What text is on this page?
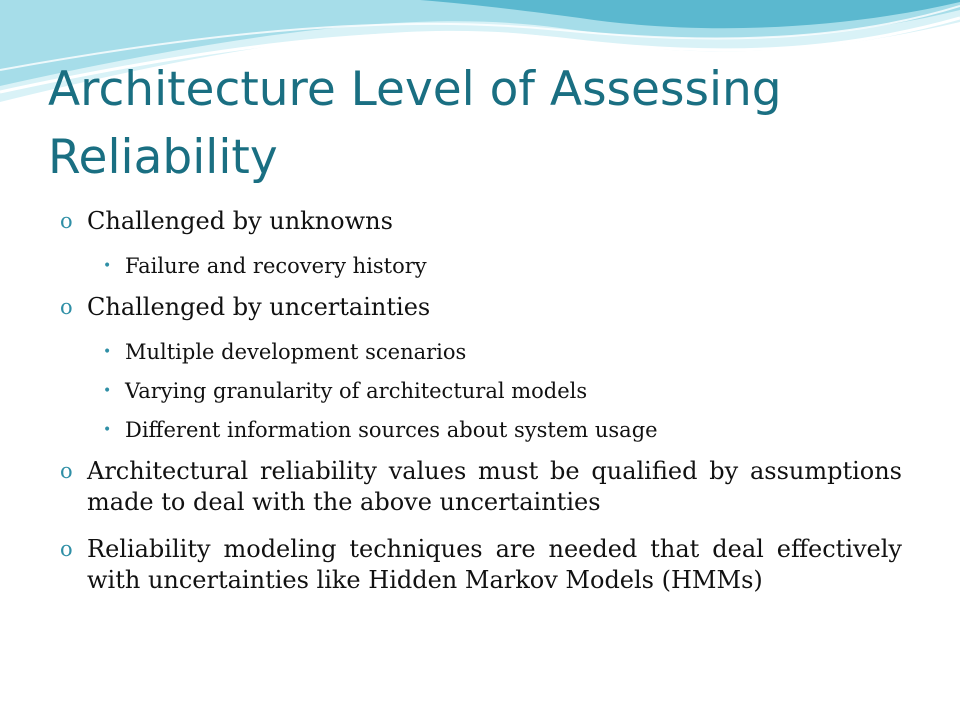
Architecture Level of Assessing Reliability
o Challenged by unknowns
• Failure and recovery history
o Challenged by uncertainties
• Multiple development scenarios
• Varying granularity of architectural models
• Different information sources about system usage
o Architectural reliability values must be qualified by assumptions made to deal with the above uncertainties
o Reliability modeling techniques are needed that deal effectively with uncertainties like Hidden Markov Models (HMMs)
